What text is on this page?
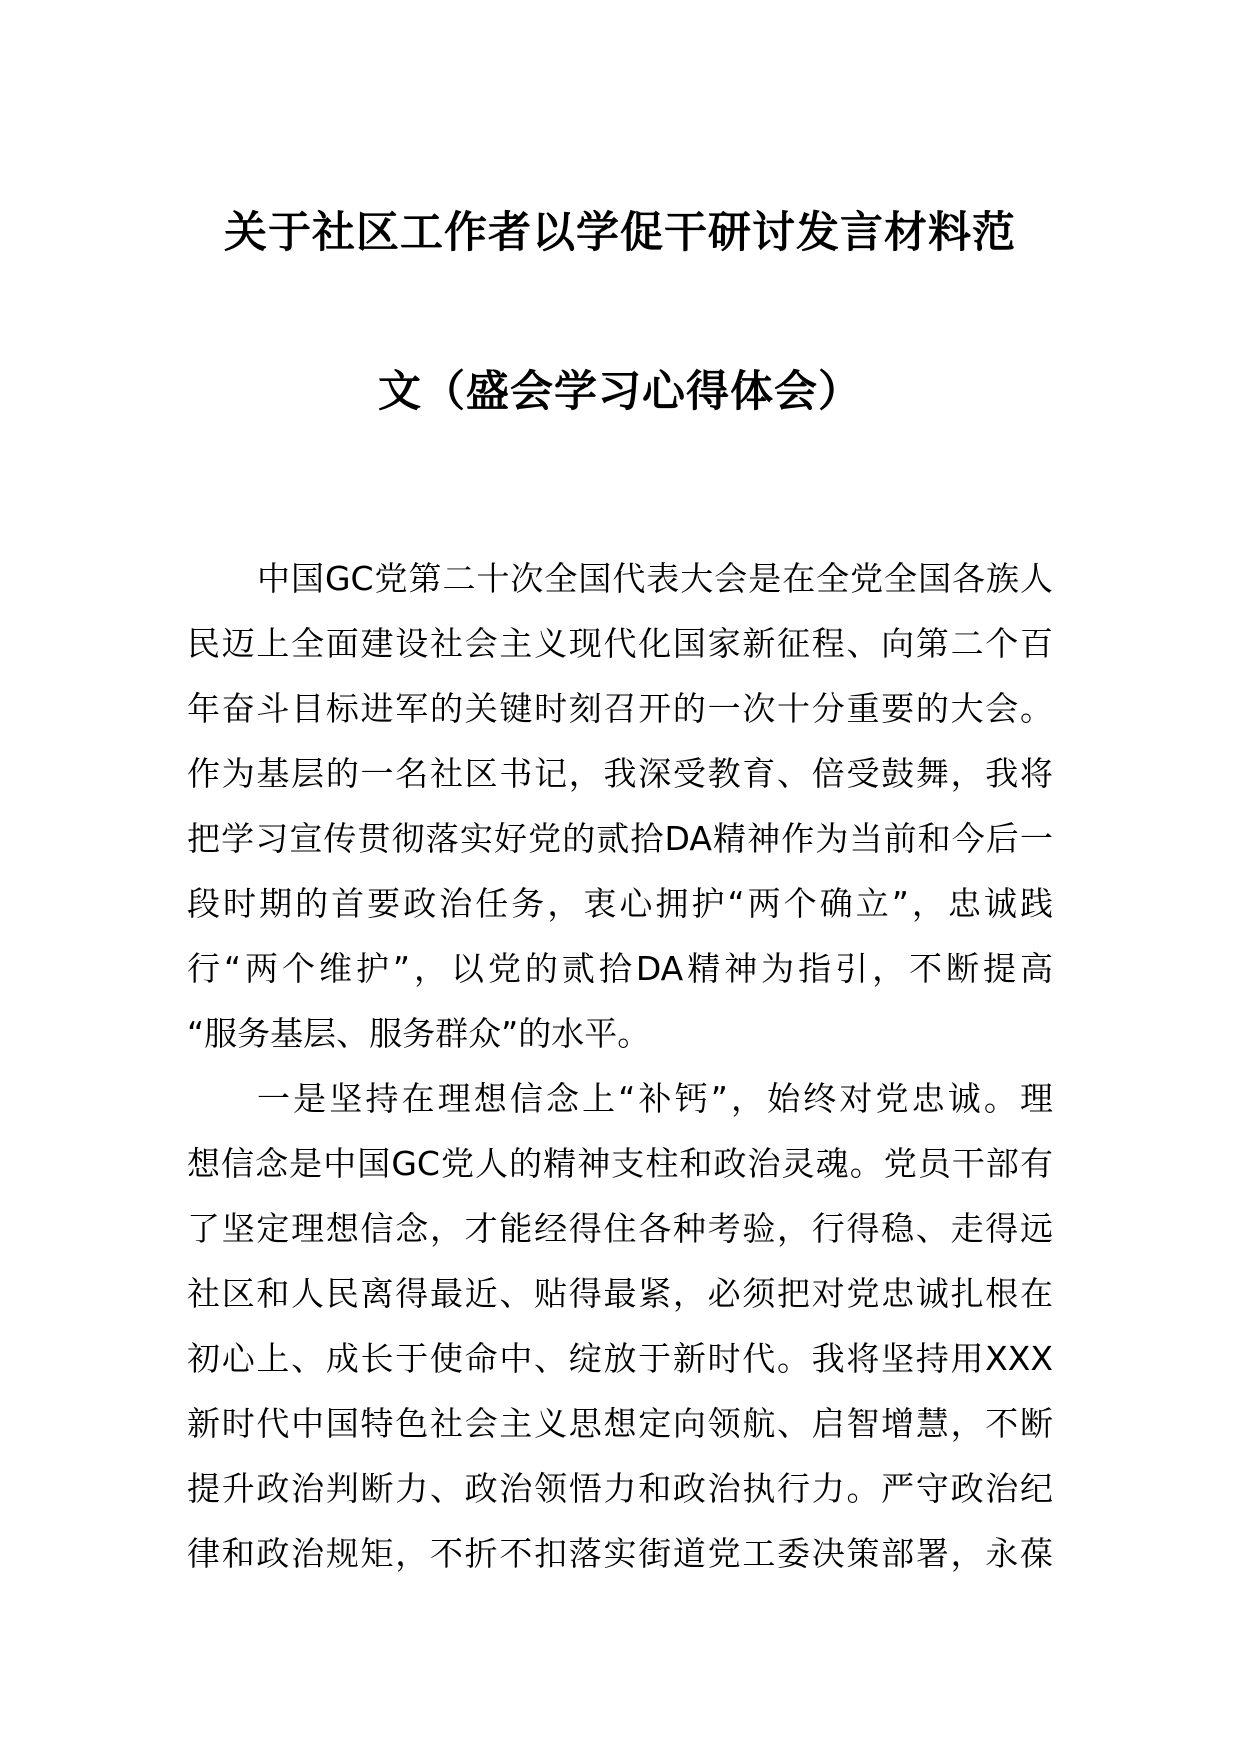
关于社区工作者以学促干研讨发言材料范
文（盛会学习心得体会）
中国GC党第二十次全国代表大会是在全党全国各族人
民迈上全面建设社会主义现代化国家新征程、向第二个百
年奋斗目标进军的关键时刻召开的一次十分重要的大会。
作为基层的一名社区书记，我深受教育、倍受鼓舞，我将
把学习宣传贯彻落实好党的贰拾DA精神作为当前和今后一
段时期的首要政治任务，衷心拥护“两个确立”，忠诚践
行“两个维护”，以党的贰拾DA精神为指引，不断提高
“服务基层、服务群众”的水平。
一是坚持在理想信念上“补钙”，始终对党忠诚。理
想信念是中国GC党人的精神支柱和政治灵魂。党员干部有
了坚定理想信念，才能经得住各种考验，行得稳、走得远
社区和人民离得最近、贴得最紧，必须把对党忠诚扎根在
初心上、成长于使命中、绽放于新时代。我将坚持用XXX
新时代中国特色社会主义思想定向领航、启智增慧，不断
提升政治判断力、政治领悟力和政治执行力。严守政治纪
律和政治规矩，不折不扣落实街道党工委决策部署，永葆
